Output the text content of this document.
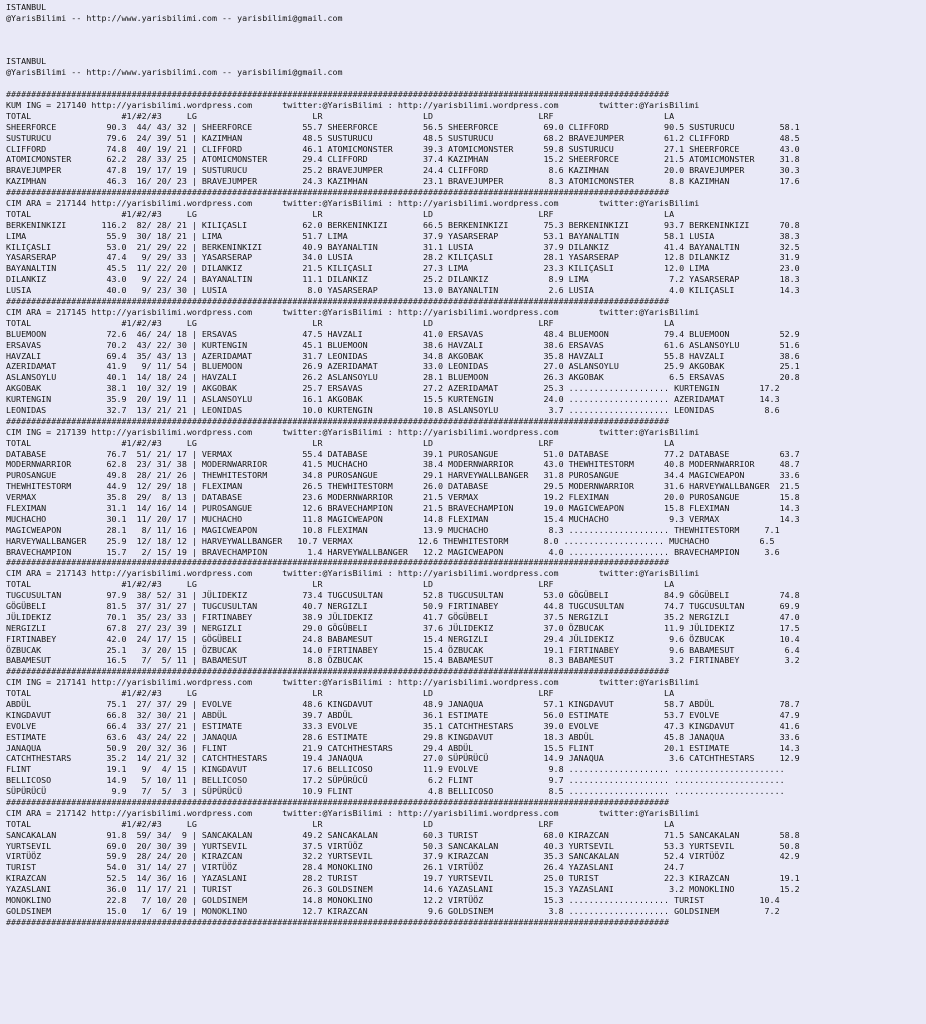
ISTANBUL
@YarisBilimi -- http://www.yarisbilimi.com -- yarisbilimi@gmail.com
ISTANBUL
@YarisBilimi -- http://www.yarisbilimi.com -- yarisbilimi@gmail.com
####################################################################################################################################
KUM ING = 217140 http://yarisbilimi.wordpress.com      twitter:@YarisBilimi : http://yarisbilimi.wordpress.com        twitter:@YarisBilimi
TOTAL                  #1/#2/#3     LG                       LR                    LD                     LRF                      LA
SHEERFORCE          90.3  44/ 43/ 32 | SHEERFORCE          55.7 SHEERFORCE         56.5 SHEERFORCE         69.0 CLIFFORD           90.5 SUSTURUCU         58.1
SUSTURUCU           79.6  24/ 39/ 51 | KAZIMHAN            48.5 SUSTURUCU          48.5 SUSTURUCU          68.2 BRAVEJUMPER        61.2 CLIFFORD          48.5
CLIFFORD            74.8  40/ 19/ 21 | CLIFFORD            46.1 ATOMICMONSTER      39.3 ATOMICMONSTER      59.8 SUSTURUCU          27.1 SHEERFORCE        43.0
ATOMICMONSTER       62.2  28/ 33/ 25 | ATOMICMONSTER       29.4 CLIFFORD           37.4 KAZIMHAN           15.2 SHEERFORCE         21.5 ATOMICMONSTER     31.8
BRAVEJUMPER         47.8  19/ 17/ 19 | SUSTURUCU           25.2 BRAVEJUMPER        24.4 CLIFFORD            8.6 KAZIMHAN           20.0 BRAVEJUMPER       30.3
KAZIMHAN            46.3  16/ 20/ 23 | BRAVEJUMPER         24.3 KAZIMHAN           23.1 BRAVEJUMPER         8.3 ATOMICMONSTER       8.8 KAZIMHAN          17.6
####################################################################################################################################
CIM ARA = 217144 http://yarisbilimi.wordpress.com      twitter:@YarisBilimi : http://yarisbilimi.wordpress.com        twitter:@YarisBilimi
TOTAL                  #1/#2/#3     LG                       LR                    LD                     LRF                      LA
BERKENINKIZI       116.2  82/ 28/ 21 | KILIÇASLI           62.0 BERKENINKIZI       66.5 BERKENINKIZI       75.3 BERKENINKIZI       93.7 BERKENINKIZI      70.8
LIMA                55.9  30/ 18/ 21 | LIMA                51.7 LIMA               37.9 YASARSERAP         53.1 BAYANALTIN         58.1 LUSIA             38.3
KILIÇASLI           53.0  21/ 29/ 22 | BERKENINKIZI        40.9 BAYANALTIN         31.1 LUSIA              37.9 DILANKIZ           41.4 BAYANALTIN        32.5
YASARSERAP          47.4   9/ 29/ 33 | YASARSERAP          34.0 LUSIA              28.2 KILIÇASLI          28.1 YASARSERAP         12.8 DILANKIZ          31.9
BAYANALTIN          45.5  11/ 22/ 20 | DILANKIZ            21.5 KILIÇASLI          27.3 LIMA               23.3 KILIÇASLI          12.0 LIMA              23.0
DILANKIZ            43.0   9/ 22/ 24 | BAYANALTIN          11.1 DILANKIZ           25.2 DILANKIZ            8.9 LIMA                7.2 YASARSERAP        18.3
LUSIA               40.0   9/ 23/ 30 | LUSIA                8.0 YASARSERAP         13.0 BAYANALTIN          2.6 LUSIA               4.0 KILIÇASLI         14.3
####################################################################################################################################
CIM ARA = 217145 http://yarisbilimi.wordpress.com      twitter:@YarisBilimi : http://yarisbilimi.wordpress.com        twitter:@YarisBilimi
TOTAL                  #1/#2/#3     LG                       LR                    LD                     LRF                      LA
BLUEMOON            72.6  46/ 24/ 18 | ERSAVAS             47.5 HAVZALI            41.0 ERSAVAS            48.4 BLUEMOON           79.4 BLUEMOON          52.9
ERSAVAS             70.2  43/ 22/ 30 | KURTENGIN           45.1 BLUEMOON           38.6 HAVZALI            38.6 ERSAVAS            61.6 ASLANSOYLU        51.6
HAVZALI             69.4  35/ 43/ 13 | AZERIDAMAT          31.7 LEONIDAS           34.8 AKGOBAK            35.8 HAVZALI            55.8 HAVZALI           38.6
AZERIDAMAT          41.9   9/ 11/ 54 | BLUEMOON            26.9 AZERIDAMAT         33.0 LEONIDAS           27.0 ASLANSOYLU         25.9 AKGOBAK           25.1
ASLANSOYLU          40.1  14/ 18/ 24 | HAVZALI             26.2 ASLANSOYLU         28.1 BLUEMOON           26.3 AKGOBAK             6.5 ERSAVAS           20.8
AKGOBAK             38.1  10/ 32/ 19 | AKGOBAK             25.7 ERSAVAS            27.2 AZERIDAMAT         25.3 .................... KURTENGIN        17.2
KURTENGIN           35.9  20/ 19/ 11 | ASLANSOYLU          16.1 AKGOBAK            15.5 KURTENGIN          24.0 .................... AZERIDAMAT       14.3
LEONIDAS            32.7  13/ 21/ 21 | LEONIDAS            10.0 KURTENGIN          10.8 ASLANSOYLU          3.7 .................... LEONIDAS          8.6
####################################################################################################################################
CIM ING = 217139 http://yarisbilimi.wordpress.com      twitter:@YarisBilimi : http://yarisbilimi.wordpress.com        twitter:@YarisBilimi
TOTAL                  #1/#2/#3     LG                       LR                    LD                     LRF                      LA
DATABASE            76.7  51/ 21/ 17 | VERMAX              55.4 DATABASE           39.1 PUROSANGUE         51.0 DATABASE           77.2 DATABASE          63.7
MODERNWARRIOR       62.8  23/ 31/ 38 | MODERNWARRIOR       41.5 MUCHACHO           38.4 MODERNWARRIOR      43.0 THEWHITESTORM      40.8 MODERNWARRIOR     48.7
PUROSANGUE          49.8  28/ 21/ 26 | THEWHITESTORM       34.8 PUROSANGUE         29.1 HARVEYWALLBANGER   31.8 PUROSANGUE         34.4 MAGICWEAPON       33.6
THEWHITESTORM       44.9  12/ 29/ 18 | FLEXIMAN            26.5 THEWHITESTORM      26.0 DATABASE           29.5 MODERNWARRIOR      31.6 HARVEYWALLBANGER  21.5
VERMAX              35.8  29/  8/ 13 | DATABASE            23.6 MODERNWARRIOR      21.5 VERMAX             19.2 FLEXIMAN           20.0 PUROSANGUE        15.8
FLEXIMAN            31.1  14/ 16/ 14 | PUROSANGUE          12.6 BRAVECHAMPION      21.5 BRAVECHAMPION      19.0 MAGICWEAPON        15.8 FLEXIMAN          14.3
MUCHACHO            30.1  11/ 20/ 17 | MUCHACHO            11.8 MAGICWEAPON        14.8 FLEXIMAN           15.4 MUCHACHO            9.3 VERMAX            14.3
MAGICWEAPON         28.1   8/ 11/ 16 | MAGICWEAPON         10.8 FLEXIMAN           13.9 MUCHACHO            8.3 .................... THEWHITESTORM     7.1
HARVEYWALLBANGER    25.9  12/ 18/ 12 | HARVEYWALLBANGER   10.7 VERMAX             12.6 THEWHITESTORM       8.0 .................... MUCHACHO          6.5
BRAVECHAMPION       15.7   2/ 15/ 19 | BRAVECHAMPION        1.4 HARVEYWALLBANGER   12.2 MAGICWEAPON         4.0 .................... BRAVECHAMPION     3.6
####################################################################################################################################
CIM ARA = 217143 http://yarisbilimi.wordpress.com      twitter:@YarisBilimi : http://yarisbilimi.wordpress.com        twitter:@YarisBilimi
TOTAL                  #1/#2/#3     LG                       LR                    LD                     LRF                      LA
TUGCUSULTAN         97.9  38/ 52/ 31 | JÜLIDEKIZ           73.4 TUGCUSULTAN        52.8 TUGCUSULTAN        53.0 GÖGÜBELI           84.9 GÖGÜBELI          74.8
GÖGÜBELI            81.5  37/ 31/ 27 | TUGCUSULTAN         40.7 NERGIZLI           50.9 FIRTINABEY         44.8 TUGCUSULTAN        74.7 TUGCUSULTAN       69.9
JÜLIDEKIZ           70.1  35/ 23/ 33 | FIRTINABEY          38.9 JÜLIDEKIZ          41.7 GÖGÜBELI           37.5 NERGIZLI           35.2 NERGIZLI          47.0
NERGIZLI            67.8  27/ 23/ 39 | NERGIZLI            29.0 GÖGÜBELI           37.6 JÜLIDEKIZ          37.0 ÖZBUCAK            11.9 JÜLIDEKIZ         17.5
FIRTINABEY          42.0  24/ 17/ 15 | GÖGÜBELI            24.8 BABAMESUT          15.4 NERGIZLI           29.4 JÜLIDEKIZ           9.6 ÖZBUCAK           10.4
ÖZBUCAK             25.1   3/ 20/ 15 | ÖZBUCAK             14.0 FIRTINABEY         15.4 ÖZBUCAK            19.1 FIRTINABEY          9.6 BABAMESUT          6.4
BABAMESUT           16.5   7/  5/ 11 | BABAMESUT            8.8 ÖZBUCAK            15.4 BABAMESUT           8.3 BABAMESUT           3.2 FIRTINABEY         3.2
####################################################################################################################################
CIM ING = 217141 http://yarisbilimi.wordpress.com      twitter:@YarisBilimi : http://yarisbilimi.wordpress.com        twitter:@YarisBilimi
TOTAL                  #1/#2/#3     LG                       LR                    LD                     LRF                      LA
ABDÜL               75.1  27/ 37/ 29 | EVOLVE              48.6 KINGDAVUT          48.9 JANAQUA            57.1 KINGDAVUT          58.7 ABDÜL             78.7
KINGDAVUT           66.8  32/ 30/ 21 | ABDÜL               39.7 ABDÜL              36.1 ESTIMATE           56.0 ESTIMATE           53.7 EVOLVE            47.9
EVOLVE              66.4  33/ 27/ 21 | ESTIMATE            33.3 EVOLVE             35.1 CATCHTHESTARS      39.0 EVOLVE             47.3 KINGDAVUT         41.6
ESTIMATE            63.6  43/ 24/ 22 | JANAQUA             28.6 ESTIMATE           29.8 KINGDAVUT          18.3 ABDÜL              45.8 JANAQUA           33.6
JANAQUA             50.9  20/ 32/ 36 | FLINT               21.9 CATCHTHESTARS      29.4 ABDÜL              15.5 FLINT              20.1 ESTIMATE          14.3
CATCHTHESTARS       35.2  14/ 21/ 32 | CATCHTHESTARS       19.4 JANAQUA            27.0 SÜPÜRÜCÜ           14.9 JANAQUA             3.6 CATCHTHESTARS     12.9
FLINT               19.1   9/  4/ 15 | KINGDAVUT           17.6 BELLICOSO          11.9 EVOLVE              9.8 .................... ......................
BELLICOSO           14.9   5/ 10/ 11 | BELLICOSO           17.2 SÜPÜRÜCÜ            6.2 FLINT               9.7 .................... ......................
SÜPÜRÜCÜ             9.9   7/  5/  3 | SÜPÜRÜCÜ            10.9 FLINT               4.8 BELLICOSO           8.5 .................... ......................
####################################################################################################################################
CIM ARA = 217142 http://yarisbilimi.wordpress.com      twitter:@YarisBilimi : http://yarisbilimi.wordpress.com        twitter:@YarisBilimi
TOTAL                  #1/#2/#3     LG                       LR                    LD                     LRF                      LA
SANCAKALAN          91.8  59/ 34/  9 | SANCAKALAN          49.2 SANCAKALAN         60.3 TURIST             68.0 KIRAZCAN           71.5 SANCAKALAN        58.8
YURTSEVIL           69.0  20/ 30/ 39 | YURTSEVIL           37.5 VIRTÜÖZ            50.3 SANCAKALAN         40.3 YURTSEVIL          53.3 YURTSEVIL         50.8
VIRTÜÖZ             59.9  28/ 24/ 20 | KIRAZCAN            32.2 YURTSEVIL          37.9 KIRAZCAN           35.3 SANCAKALAN         52.4 VIRTÜÖZ           42.9
TURIST              54.0  31/ 14/ 27 | VIRTÜÖZ             28.4 MONOKLINO          26.1 VIRTÜÖZ            26.4 YAZASLANI          24.7
KIRAZCAN            52.5  14/ 36/ 16 | YAZASLANI           28.2 TURIST             19.7 YURTSEVIL          25.0 TURIST             22.3 KIRAZCAN          19.1
YAZASLANI           36.0  11/ 17/ 21 | TURIST              26.3 GOLDSINEM          14.6 YAZASLANI          15.3 YAZASLANI           3.2 MONOKLINO         15.2
MONOKLINO           22.8   7/ 10/ 20 | GOLDSINEM           14.8 MONOKLINO          12.2 VIRTÜÖZ            15.3 .................... TURIST           10.4
GOLDSINEM           15.0   1/  6/ 19 | MONOKLINO           12.7 KIRAZCAN            9.6 GOLDSINEM           3.8 .................... GOLDSINEM         7.2
####################################################################################################################################
